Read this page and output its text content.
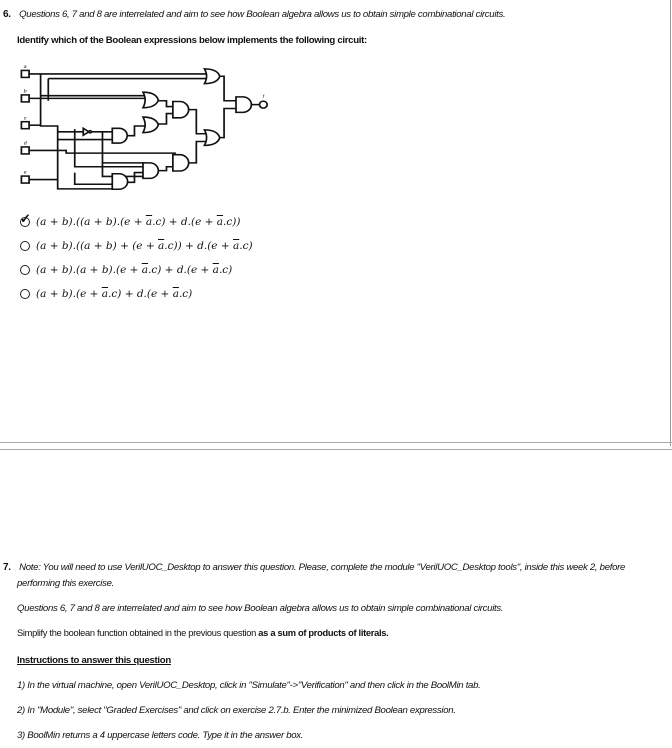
6. Questions 6, 7 and 8 are interrelated and aim to see how Boolean algebra allows us to obtain simple combinational circuits.
Identify which of the Boolean expressions below implements the following circuit:
a
b
c
d
e
f
✓ $(a + b).((a + b).(e + \overline{a}.c) + d.(e + \overline{a}.c))$
$(a + b).((a + b) + (e + \overline{a}.c)) + d.(e + \overline{a}.c)$
$(a + b).(a + b).(e + \overline{a}.c) + d.(e + \overline{a}.c)$
$(a + b).(e + \overline{a}.c) + d.(e + \overline{a}.c)$
7. Note: You will need to use VerilUOC_Desktop to answer this question. Please, complete the module "VerilUOC_Desktop tools", inside this week 2, before
performing this exercise.
Questions 6, 7 and 8 are interrelated and aim to see how Boolean algebra allows us to obtain simple combinational circuits.
Simplify the boolean function obtained in the previous question as a sum of products of literals.
Instructions to answer this question
1) In the virtual machine, open VerilUOC_Desktop, click in "Simulate"->"Verification" and then click in the BoolMin tab.
2) In "Module", select "Graded Exercises" and click on exercise 2.7.b. Enter the minimized Boolean expression.
3) BoolMin returns a 4 uppercase letters code. Type it in the answer box.
